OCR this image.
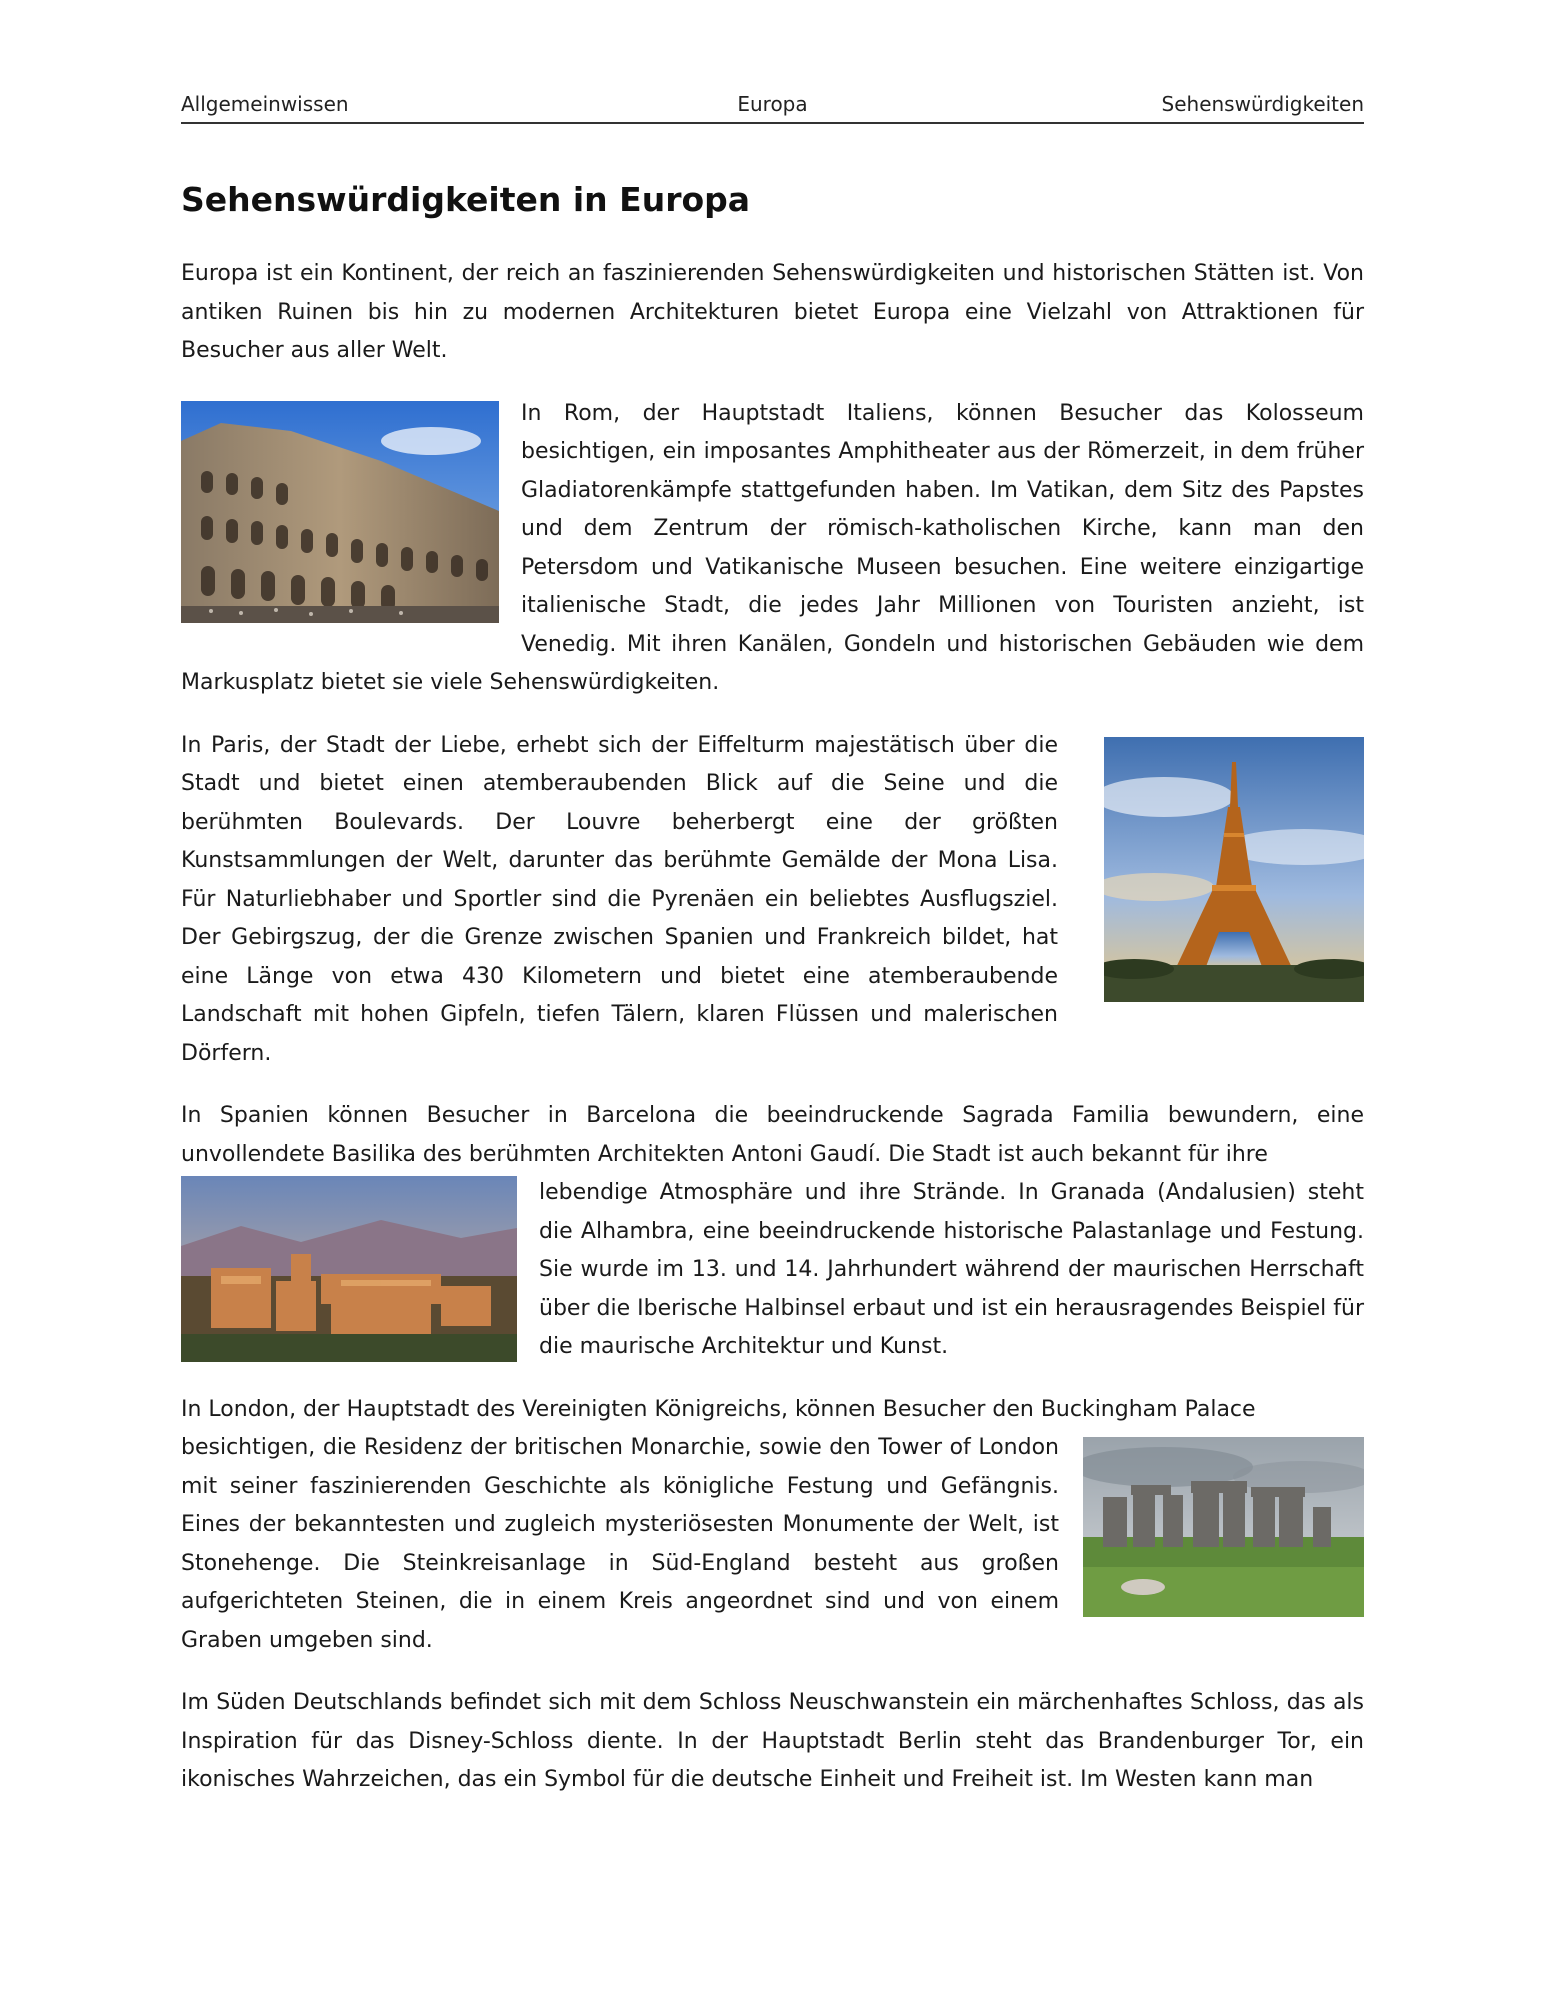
Europa
Allgemeinwissen	Sehenswürdigkeiten
Sehenswürdigkeiten in Europa

Europa ist ein Kontinent, der reich an faszinierenden Sehenswürdigkeiten und historischen Stätten ist. Von antiken Ruinen bis hin zu modernen Architekturen bietet Europa eine Vielzahl von Attraktionen für Besucher aus aller Welt.

In Rom, der Hauptstadt Italiens, können Besucher das Kolosseum besichtigen, ein imposantes Amphitheater aus der Römerzeit, in dem früher Gladiatorenkämpfe stattgefunden haben. Im Vatikan, dem Sitz des Papstes und dem Zentrum der römisch-katholischen Kirche, kann man den Petersdom und Vatikanische Museen besuchen. Eine weitere einzigartige italienische Stadt, die jedes Jahr Millionen von Touristen anzieht, ist Venedig. Mit ihren Kanälen, Gondeln und historischen Gebäuden wie dem Markusplatz bietet sie viele Sehenswürdigkeiten.

In Paris, der Stadt der Liebe, erhebt sich der Eiffelturm majestätisch über die Stadt und bietet einen atemberaubenden Blick auf die Seine und die berühmten Boulevards. Der Louvre beherbergt eine der größten Kunstsammlungen der Welt, darunter das berühmte Gemälde der Mona Lisa. Für Naturliebhaber und Sportler sind die Pyrenäen ein beliebtes Ausflugsziel. Der Gebirgszug, der die Grenze zwischen Spanien und Frankreich bildet, hat eine Länge von etwa 430 Kilometern und bietet eine atemberaubende Landschaft mit hohen Gipfeln, tiefen Tälern, klaren Flüssen und malerischen Dörfern.

In Spanien können Besucher in Barcelona die beeindruckende Sagrada Familia bewundern, eine unvollendete Basilika des berühmten Architekten Antoni Gaudí. Die Stadt ist auch bekannt für ihre

lebendige Atmosphäre und ihre Strände. In Granada (Andalusien) steht die Alhambra, eine beeindruckende historische Palastanlage und Festung. Sie wurde im 13. und 14. Jahrhundert während der maurischen Herrschaft über die Iberische Halbinsel erbaut und ist ein herausragendes Beispiel für die maurische Architektur und Kunst.

In London, der Hauptstadt des Vereinigten Königreichs, können Besucher den Buckingham Palace

besichtigen, die Residenz der britischen Monarchie, sowie den Tower of London mit seiner faszinierenden Geschichte als königliche Festung und Gefängnis. Eines der bekanntesten und zugleich mysteriösesten Monumente der Welt, ist Stonehenge. Die Steinkreisanlage in Süd-England besteht aus großen aufgerichteten Steinen, die in einem Kreis angeordnet sind und von einem Graben umgeben sind.

Im Süden Deutschlands befindet sich mit dem Schloss Neuschwanstein ein märchenhaftes Schloss, das als Inspiration für das Disney-Schloss diente. In der Hauptstadt Berlin steht das Brandenburger Tor, ein ikonisches Wahrzeichen, das ein Symbol für die deutsche Einheit und Freiheit ist. Im Westen kann man
